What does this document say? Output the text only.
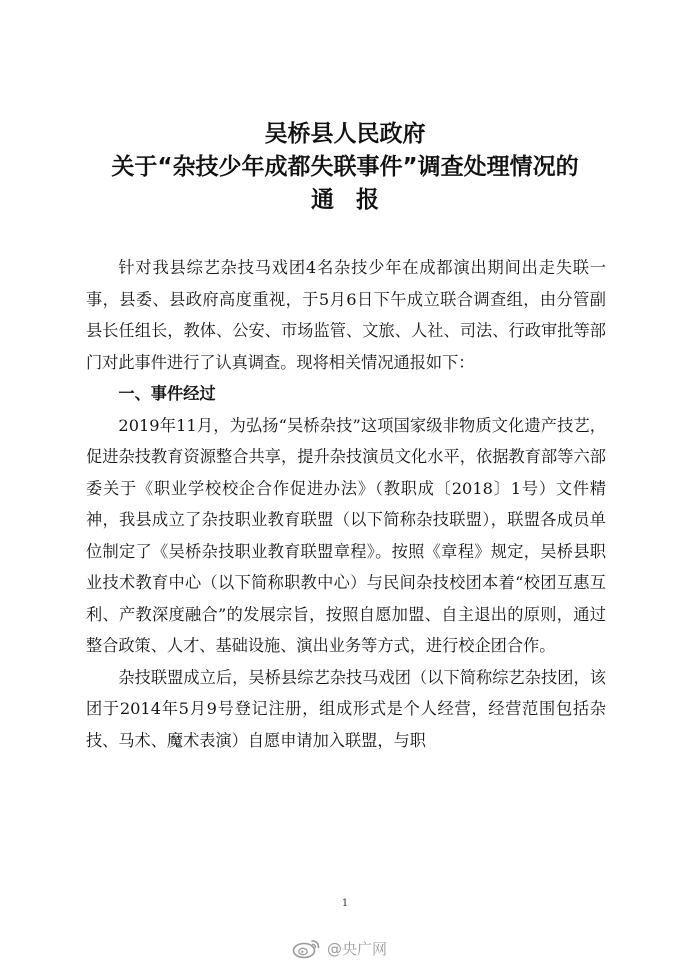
吴桥县人民政府
关于“杂技少年成都失联事件”调查处理情况的
通报

针对我县综艺杂技马戏团4名杂技少年在成都演出期间出走失联一事，县委、县政府高度重视，于5月6日下午成立联合调查组，由分管副县长任组长，教体、公安、市场监管、文旅、人社、司法、行政审批等部门对此事件进行了认真调查。现将相关情况通报如下：

一、事件经过

2019年11月，为弘扬“吴桥杂技”这项国家级非物质文化遗产技艺，促进杂技教育资源整合共享，提升杂技演员文化水平，依据教育部等六部委关于《职业学校校企合作促进办法》（教职成〔2018〕1号）文件精神，我县成立了杂技职业教育联盟（以下简称杂技联盟），联盟各成员单位制定了《吴桥杂技职业教育联盟章程》。按照《章程》规定，吴桥县职业技术教育中心（以下简称职教中心）与民间杂技校团本着“校团互惠互利、产教深度融合”的发展宗旨，按照自愿加盟、自主退出的原则，通过整合政策、人才、基础设施、演出业务等方式，进行校企团合作。

杂技联盟成立后，吴桥县综艺杂技马戏团（以下简称综艺杂技团，该团于2014年5月9号登记注册，组成形式是个人经营，经营范围包括杂技、马术、魔术表演）自愿申请加入联盟，与职

1
@央广网
